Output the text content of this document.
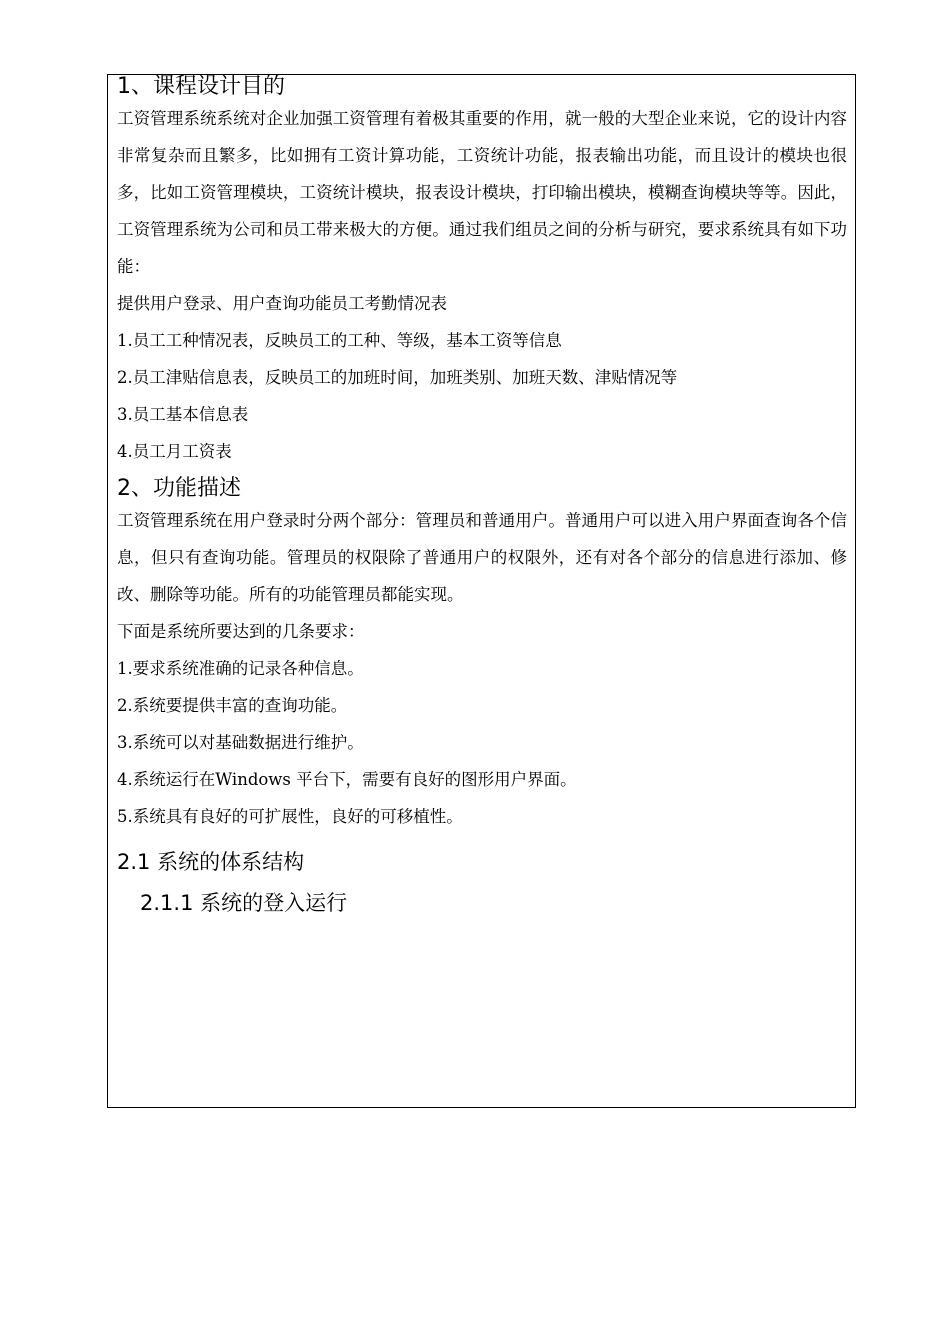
1、课程设计目的
工资管理系统系统对企业加强工资管理有着极其重要的作用，就一般的大型企业来说，它的设计内容非常复杂而且繁多，比如拥有工资计算功能，工资统计功能，报表输出功能，而且设计的模块也很多，比如工资管理模块，工资统计模块，报表设计模块，打印输出模块，模糊查询模块等等。因此，工资管理系统为公司和员工带来极大的方便。通过我们组员之间的分析与研究，要求系统具有如下功能：
提供用户登录、用户查询功能员工考勤情况表
1.员工工种情况表，反映员工的工种、等级，基本工资等信息
2.员工津贴信息表，反映员工的加班时间，加班类别、加班天数、津贴情况等
3.员工基本信息表
4.员工月工资表
2、功能描述
工资管理系统在用户登录时分两个部分：管理员和普通用户。普通用户可以进入用户界面查询各个信息，但只有查询功能。管理员的权限除了普通用户的权限外，还有对各个部分的信息进行添加、修改、删除等功能。所有的功能管理员都能实现。
下面是系统所要达到的几条要求：
1.要求系统准确的记录各种信息。
2.系统要提供丰富的查询功能。
3.系统可以对基础数据进行维护。
4.系统运行在Windows 平台下，需要有良好的图形用户界面。
5.系统具有良好的可扩展性，良好的可移植性。
2.1 系统的体系结构
2.1.1 系统的登入运行
